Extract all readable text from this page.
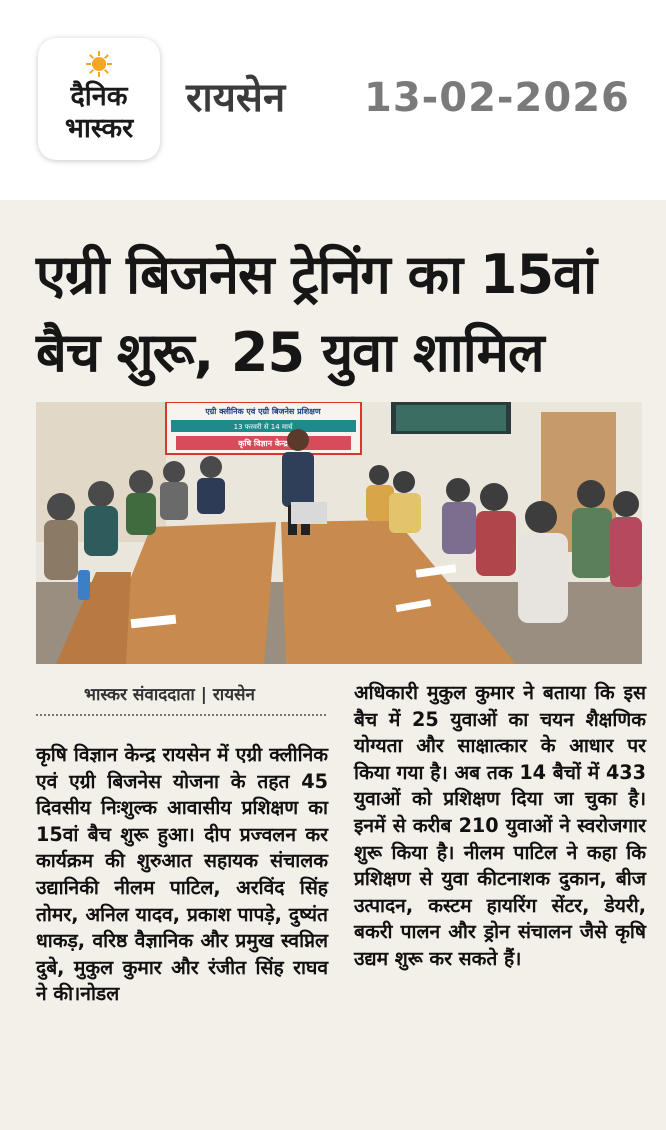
दैनिक
भास्कर
रायसेन 13-02-2026
एग्री बिजनेस ट्रेनिंग का 15वां बैच शुरू, 25 युवा शामिल
एग्री क्लीनिक एवं एग्री बिजनेस प्रशिक्षण
13 फरवरी से 14 मार्च
कृषि विज्ञान केन्द्र
भास्कर संवाददाता | रायसेन

कृषि विज्ञान केन्द्र रायसेन में एग्री क्लीनिक एवं एग्री बिजनेस योजना के तहत 45 दिवसीय निःशुल्क आवासीय प्रशिक्षण का 15वां बैच शुरू हुआ। दीप प्रज्वलन कर कार्यक्रम की शुरुआत सहायक संचालक उद्यानिकी नीलम पाटिल, अरविंद सिंह तोमर, अनिल यादव, प्रकाश पापड़े, दुष्यंत धाकड़, वरिष्ठ वैज्ञानिक और प्रमुख स्वप्निल दुबे, मुकुल कुमार और रंजीत सिंह राघव ने की।नोडल

अधिकारी मुकुल कुमार ने बताया कि इस बैच में 25 युवाओं का चयन शैक्षणिक योग्यता और साक्षात्कार के आधार पर किया गया है। अब तक 14 बैचों में 433 युवाओं को प्रशिक्षण दिया जा चुका है। इनमें से करीब 210 युवाओं ने स्वरोजगार शुरू किया है। नीलम पाटिल ने कहा कि प्रशिक्षण से युवा कीटनाशक दुकान, बीज उत्पादन, कस्टम हायरिंग सेंटर, डेयरी, बकरी पालन और ड्रोन संचालन जैसे कृषि उद्यम शुरू कर सकते हैं।
